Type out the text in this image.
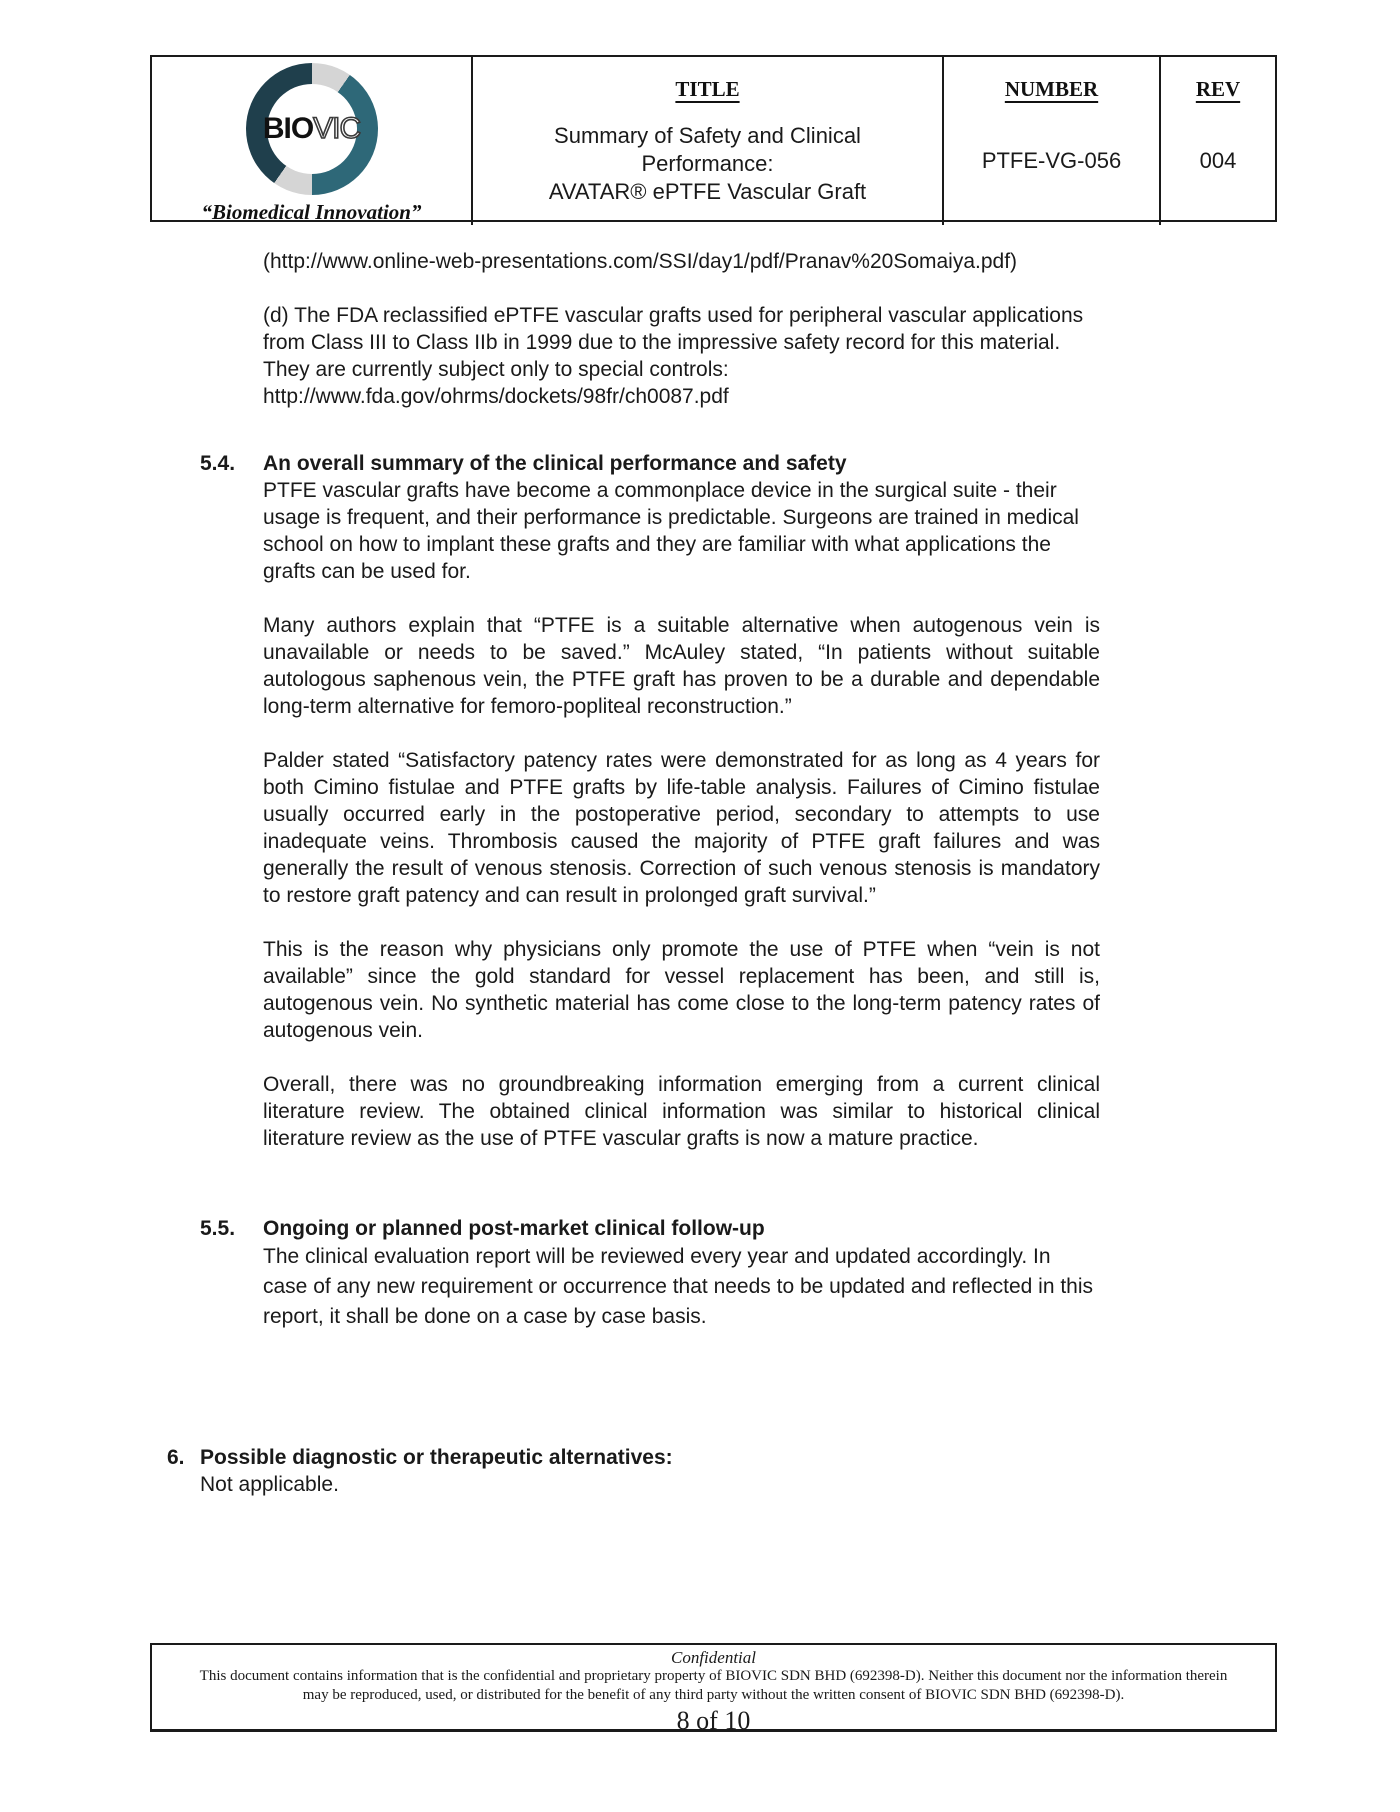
BIO VIC
“Biomedical Innovation”
TITLE
Summary of Safety and Clinical
Performance:
AVATAR® ePTFE Vascular Graft
NUMBER
PTFE-VG-056
REV
004
(http://www.online-web-presentations.com/SSI/day1/pdf/Pranav%20Somaiya.pdf)
(d) The FDA reclassified ePTFE vascular grafts used for peripheral vascular applications from Class III to Class IIb in 1999 due to the impressive safety record for this material. They are currently subject only to special controls: http://www.fda.gov/ohrms/dockets/98fr/ch0087.pdf
5.4.	An overall summary of the clinical performance and safety
PTFE vascular grafts have become a commonplace device in the surgical suite - their usage is frequent, and their performance is predictable. Surgeons are trained in medical school on how to implant these grafts and they are familiar with what applications the grafts can be used for.
Many authors explain that “PTFE is a suitable alternative when autogenous vein is unavailable or needs to be saved.” McAuley stated, “In patients without suitable autologous saphenous vein, the PTFE graft has proven to be a durable and dependable long-term alternative for femoro-popliteal reconstruction.”
Palder stated “Satisfactory patency rates were demonstrated for as long as 4 years for both Cimino fistulae and PTFE grafts by life-table analysis. Failures of Cimino fistulae usually occurred early in the postoperative period, secondary to attempts to use inadequate veins. Thrombosis caused the majority of PTFE graft failures and was generally the result of venous stenosis. Correction of such venous stenosis is mandatory to restore graft patency and can result in prolonged graft survival.”
This is the reason why physicians only promote the use of PTFE when “vein is not available” since the gold standard for vessel replacement has been, and still is, autogenous vein. No synthetic material has come close to the long-term patency rates of autogenous vein.
Overall, there was no groundbreaking information emerging from a current clinical literature review. The obtained clinical information was similar to historical clinical literature review as the use of PTFE vascular grafts is now a mature practice.
5.5.	Ongoing or planned post-market clinical follow-up
The clinical evaluation report will be reviewed every year and updated accordingly. In case of any new requirement or occurrence that needs to be updated and reflected in this report, it shall be done on a case by case basis.
6. Possible diagnostic or therapeutic alternatives:
Not applicable.
Confidential
This document contains information that is the confidential and proprietary property of BIOVIC SDN BHD (692398-D). Neither this document nor the information therein
may be reproduced, used, or distributed for the benefit of any third party without the written consent of BIOVIC SDN BHD (692398-D).
8 of 10
